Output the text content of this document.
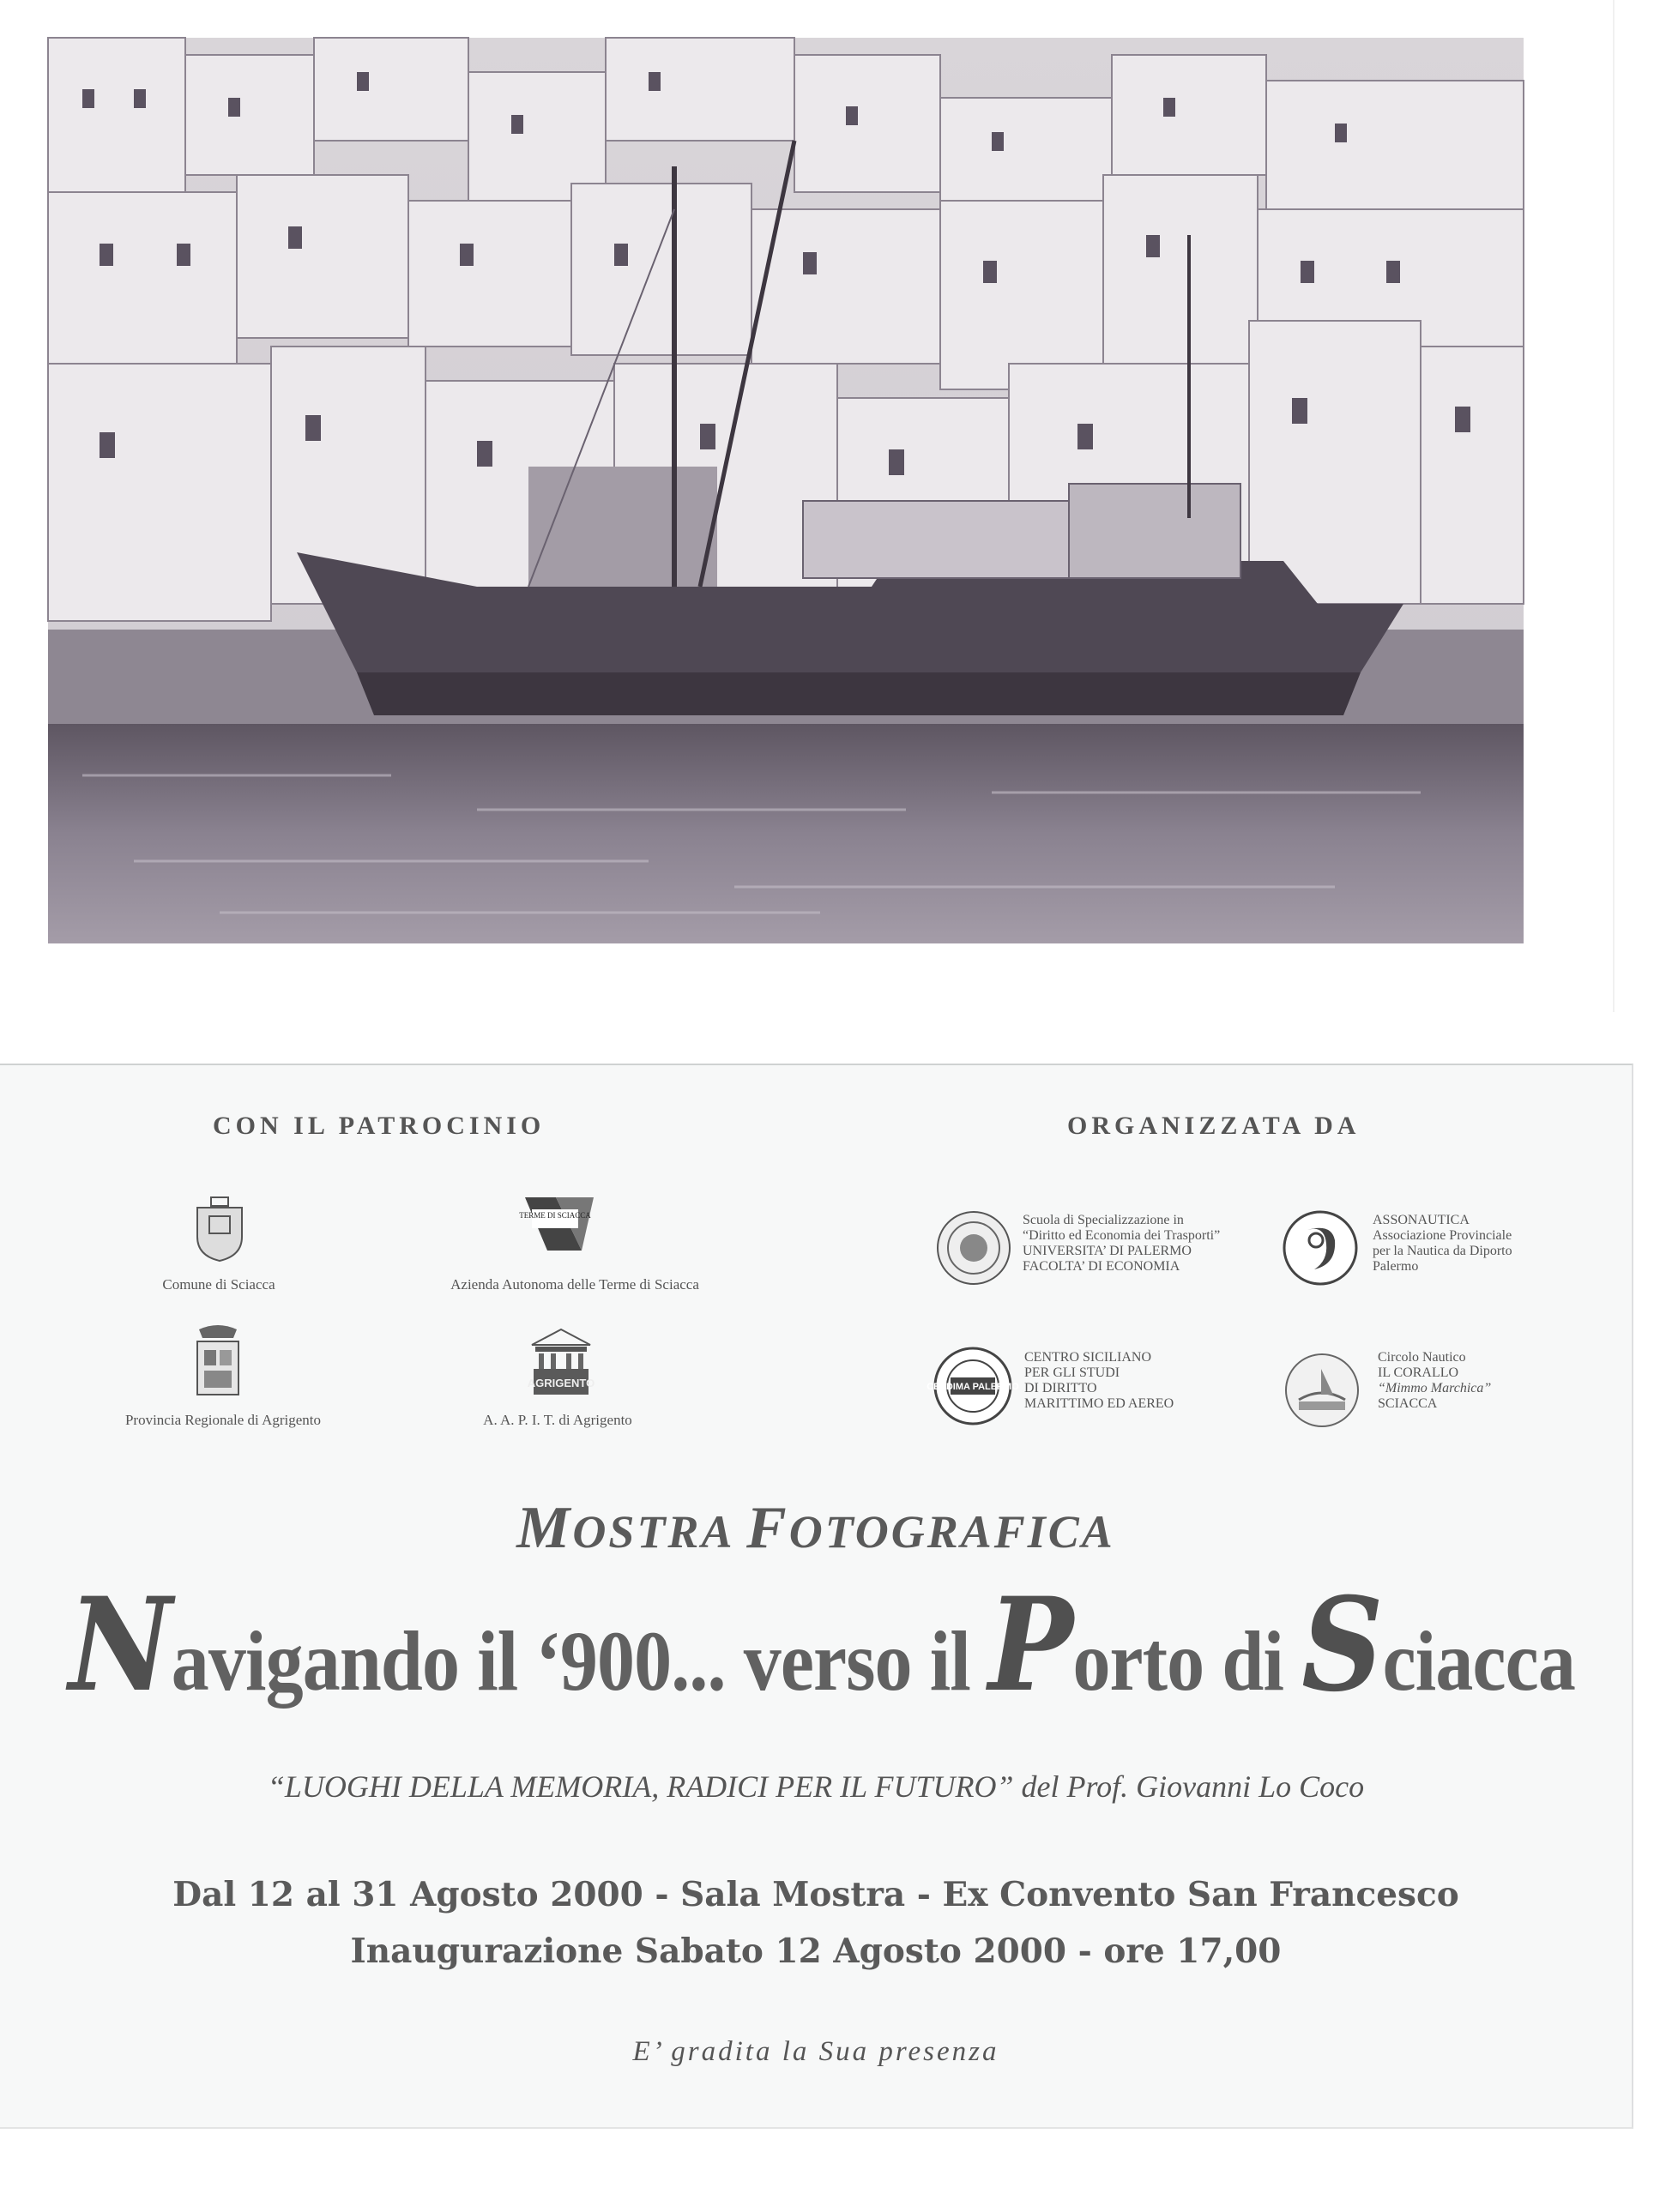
CON IL PATROCINIO	ORGANIZZATA DA
Comune di Sciacca
TERME DI SCIACCA
Azienda Autonoma delle Terme di Sciacca
Provincia Regionale di Agrigento
AGRIGENTO
A. A. P. I. T. di Agrigento
Scuola di Specializzazione in
“Diritto ed Economia dei Trasporti”
UNIVERSITA’ DI PALERMO
FACOLTA’ DI ECONOMIA
ASSONAUTICA
Associazione Provinciale
per la Nautica da Diporto
Palermo
CESDIMA PALERMO
CENTRO SICILIANO
PER GLI STUDI
DI DIRITTO
MARITTIMO ED AEREO
Circolo Nautico
IL CORALLO
“Mimmo Marchica”
SCIACCA
MOSTRA FOTOGRAFICA
Navigando il ‘900... verso il Porto di Sciacca
“LUOGHI DELLA MEMORIA, RADICI PER IL FUTURO” del Prof. Giovanni Lo Coco
Dal 12 al 31 Agosto 2000 - Sala Mostra - Ex Convento San Francesco
Inaugurazione Sabato 12 Agosto 2000 - ore 17,00
E’ gradita la Sua presenza
